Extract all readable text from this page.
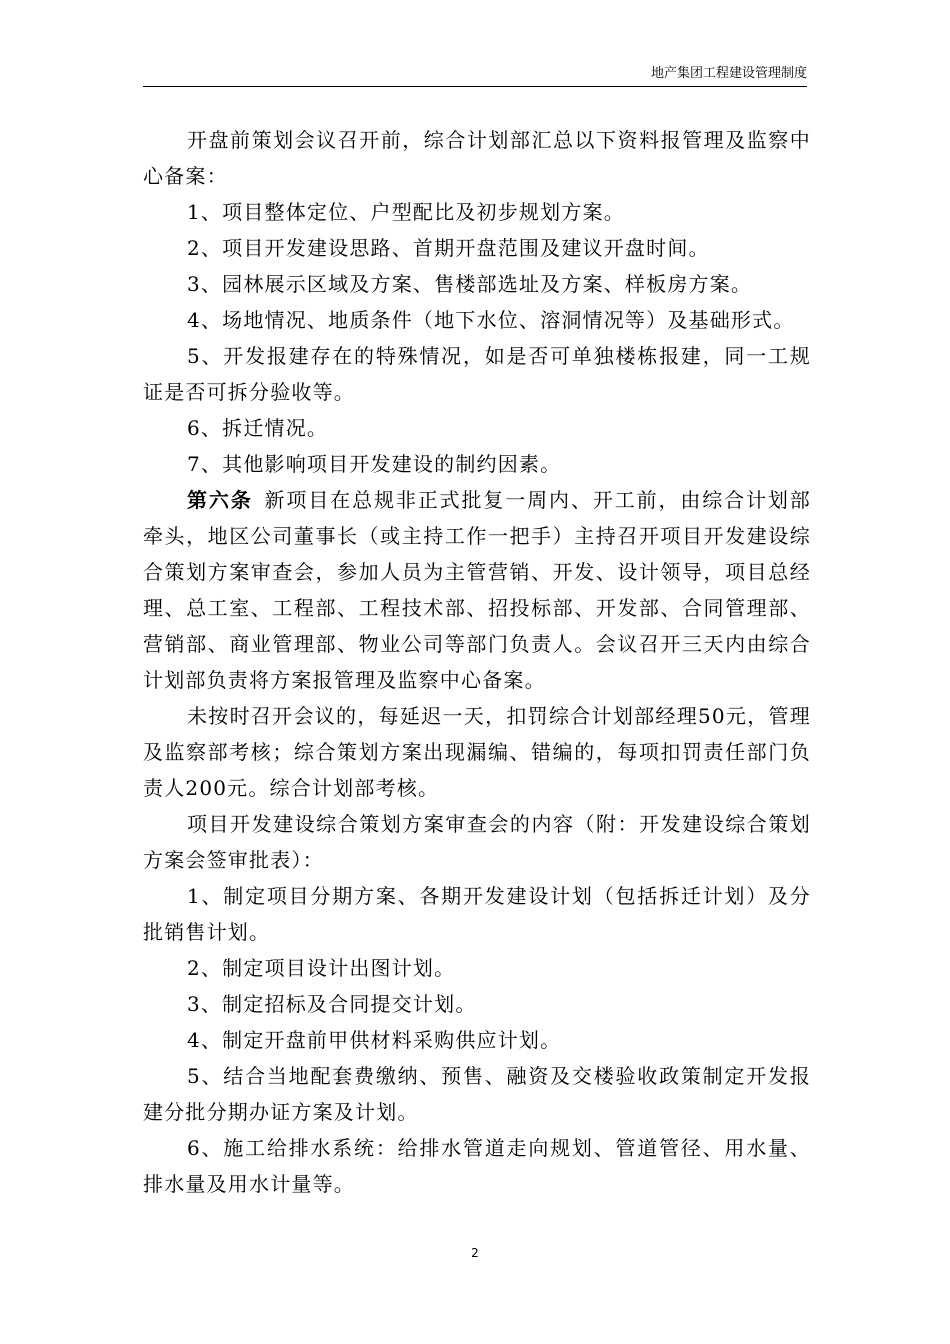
地产集团工程建设管理制度

开盘前策划会议召开前，综合计划部汇总以下资料报管理及监察中心备案：

1、项目整体定位、户型配比及初步规划方案。

2、项目开发建设思路、首期开盘范围及建议开盘时间。

3、园林展示区域及方案、售楼部选址及方案、样板房方案。

4、场地情况、地质条件（地下水位、溶洞情况等）及基础形式。

5、开发报建存在的特殊情况，如是否可单独楼栋报建，同一工规证是否可拆分验收等。

6、拆迁情况。

7、其他影响项目开发建设的制约因素。

第六条  新项目在总规非正式批复一周内、开工前，由综合计划部牵头，地区公司董事长（或主持工作一把手）主持召开项目开发建设综合策划方案审查会，参加人员为主管营销、开发、设计领导，项目总经理、总工室、工程部、工程技术部、招投标部、开发部、合同管理部、营销部、商业管理部、物业公司等部门负责人。会议召开三天内由综合计划部负责将方案报管理及监察中心备案。

未按时召开会议的，每延迟一天，扣罚综合计划部经理50元，管理及监察部考核；综合策划方案出现漏编、错编的，每项扣罚责任部门负责人200元。综合计划部考核。

项目开发建设综合策划方案审查会的内容（附：开发建设综合策划方案会签审批表）：

1、制定项目分期方案、各期开发建设计划（包括拆迁计划）及分批销售计划。

2、制定项目设计出图计划。

3、制定招标及合同提交计划。

4、制定开盘前甲供材料采购供应计划。

5、结合当地配套费缴纳、预售、融资及交楼验收政策制定开发报建分批分期办证方案及计划。

6、施工给排水系统：给排水管道走向规划、管道管径、用水量、排水量及用水计量等。

2
